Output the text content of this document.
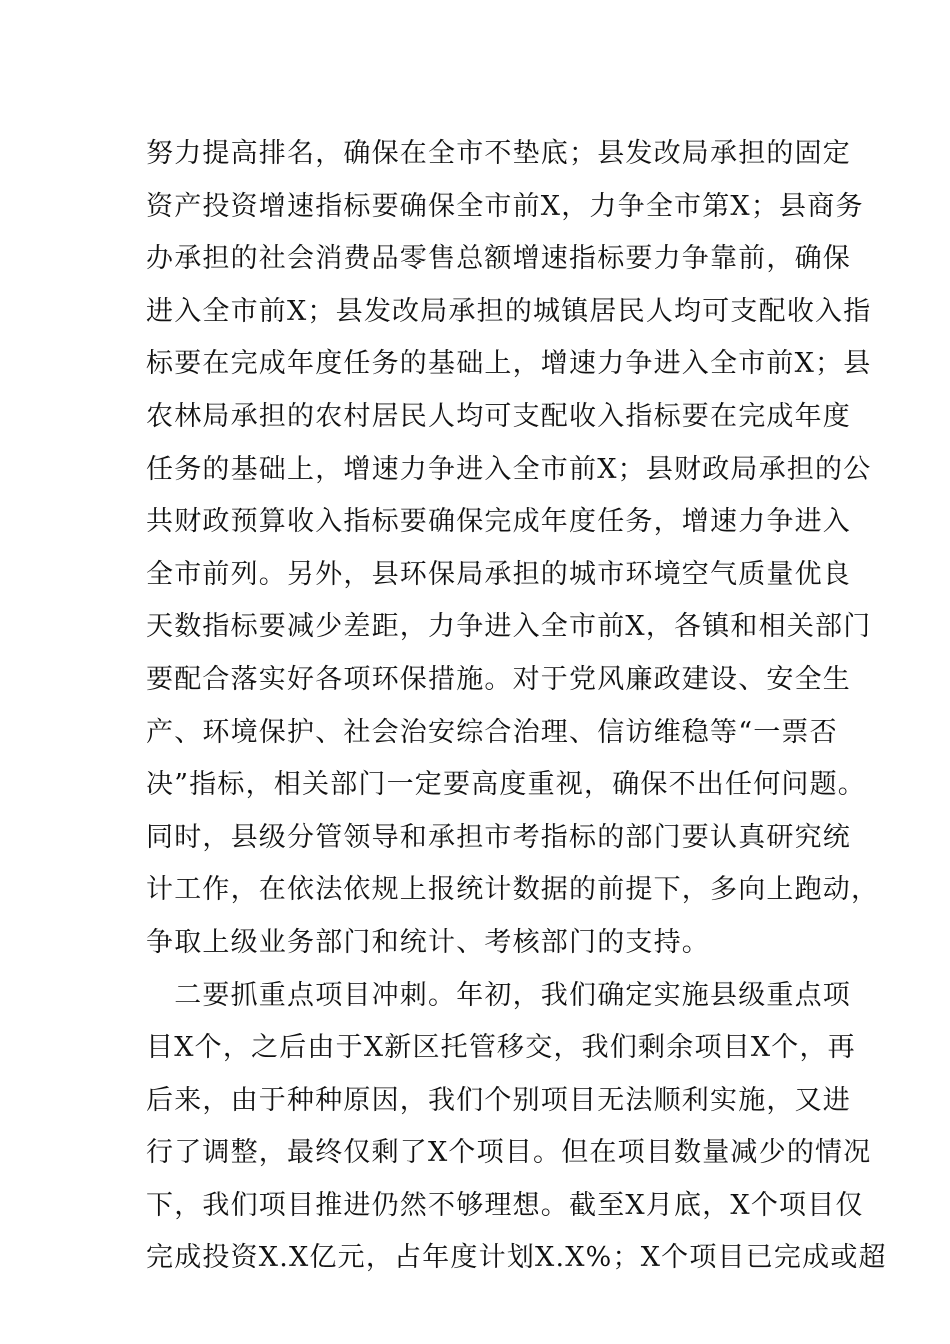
努力提高排名，确保在全市不垫底；县发改局承担的固定
资产投资增速指标要确保全市前X，力争全市第X；县商务
办承担的社会消费品零售总额增速指标要力争靠前，确保
进入全市前X；县发改局承担的城镇居民人均可支配收入指
标要在完成年度任务的基础上，增速力争进入全市前X；县
农林局承担的农村居民人均可支配收入指标要在完成年度
任务的基础上，增速力争进入全市前X；县财政局承担的公
共财政预算收入指标要确保完成年度任务，增速力争进入
全市前列。另外，县环保局承担的城市环境空气质量优良
天数指标要减少差距，力争进入全市前X，各镇和相关部门
要配合落实好各项环保措施。对于党风廉政建设、安全生
产、环境保护、社会治安综合治理、信访维稳等“一票否
决”指标，相关部门一定要高度重视，确保不出任何问题。
同时，县级分管领导和承担市考指标的部门要认真研究统
计工作，在依法依规上报统计数据的前提下，多向上跑动，
争取上级业务部门和统计、考核部门的支持。
　二要抓重点项目冲刺。年初，我们确定实施县级重点项
目X个，之后由于X新区托管移交，我们剩余项目X个，再
后来，由于种种原因，我们个别项目无法顺利实施，又进
行了调整，最终仅剩了X个项目。但在项目数量减少的情况
下，我们项目推进仍然不够理想。截至X月底，X个项目仅
完成投资X.X亿元，占年度计划X.X%；X个项目已完成或超
